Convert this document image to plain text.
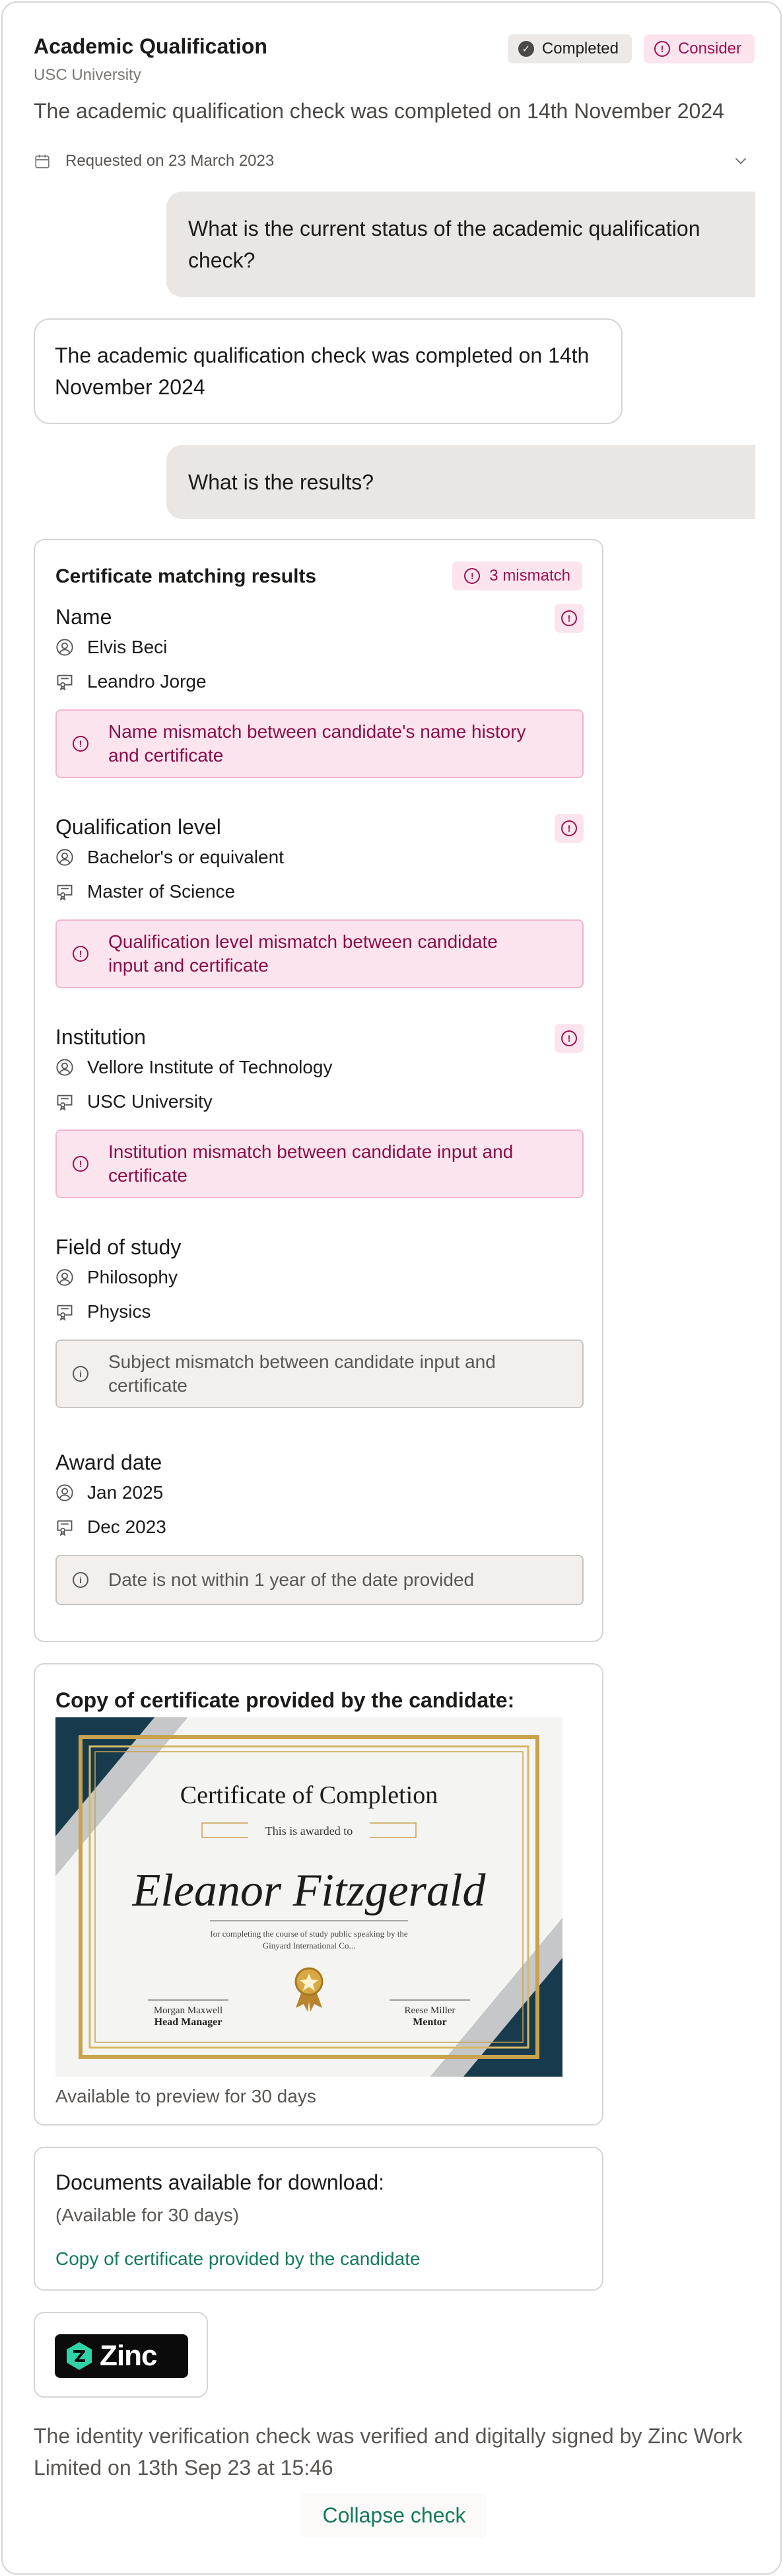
Academic Qualification
USC University
✓ Completed	! Consider
The academic qualification check was completed on 14th November 2024
Requested on 23 March 2023
What is the current status of the academic qualification check?
The academic qualification check was completed on 14th November 2024
What is the results?
Certificate matching results	! 3 mismatch
Name	!
Elvis Beci
Leandro Jorge
!
Name mismatch between candidate's name history and certificate
Qualification level	!
Bachelor's or equivalent
Master of Science
!
Qualification level mismatch between candidate input and certificate
Institution	!
Vellore Institute of Technology
USC University
!
Institution mismatch between candidate input and certificate
Field of study
Philosophy
Physics
i
Subject mismatch between candidate input and certificate
Award date
Jan 2025
Dec 2023
i	Date is not within 1 year of the date provided
Copy of certificate provided by the candidate:
Certificate of Completion
This is awarded to
Eleanor Fitzgerald
for completing the course of study public speaking by the
Ginyard International Co...
Morgan Maxwell
Head Manager
Reese Miller
Mentor
Available to preview for 30 days
Documents available for download:
(Available for 30 days)
Copy of certificate provided by the candidate
Zinc
The identity verification check was verified and digitally signed by Zinc Work Limited on 13th Sep 23 at 15:46
Collapse check
